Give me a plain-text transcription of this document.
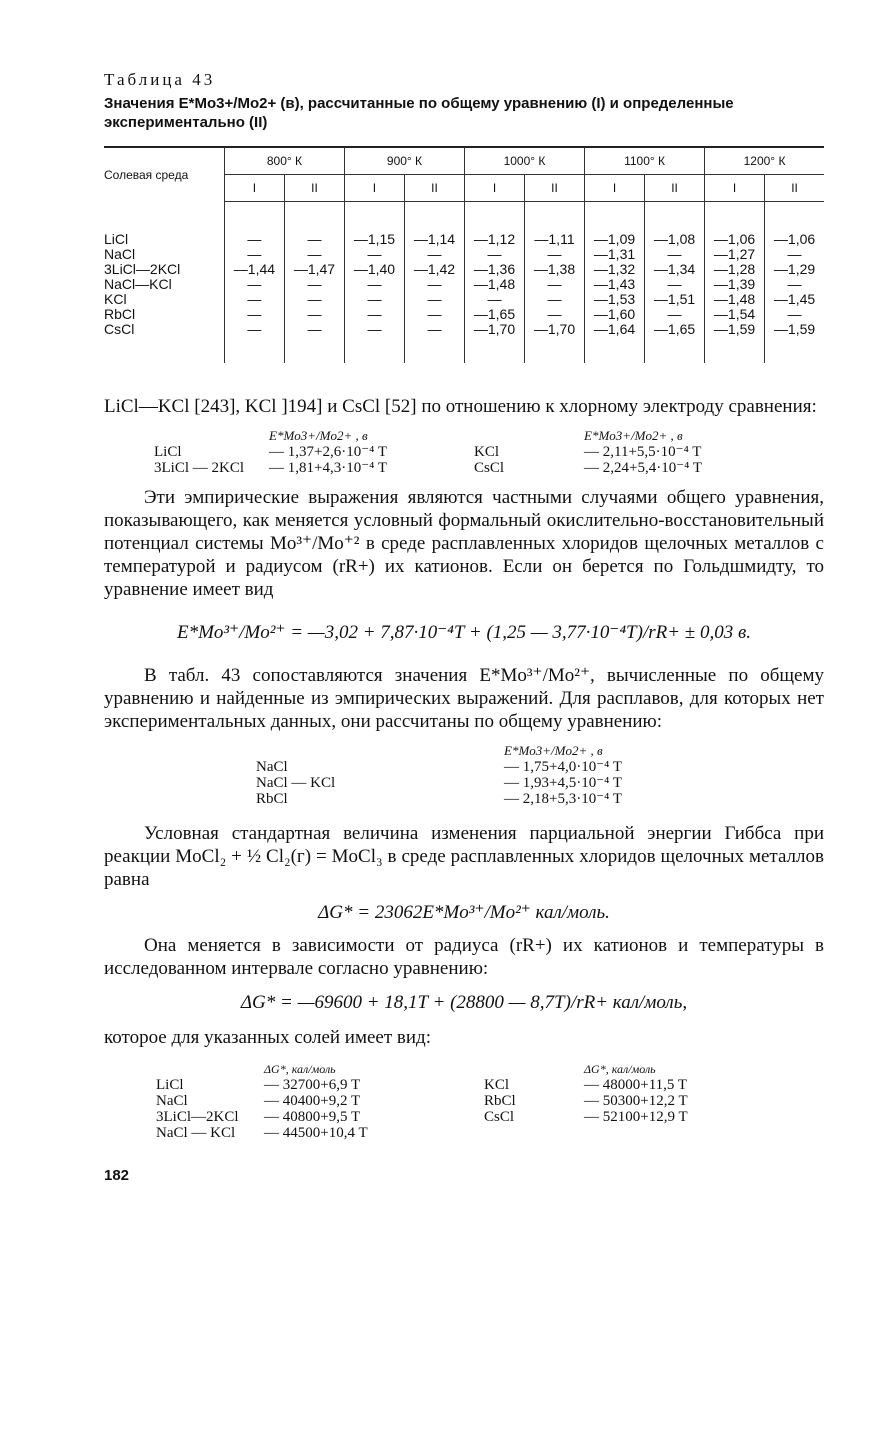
Таблица 43
Значения E*Mo3+/Mo2+ (в), рассчитанные по общему уравнению (I) и определенные экспериментально (II)
Солевая среда	800° К		900° К		1000° К		1100° К		1200° К	
	I	II	I	II	I	II	I	II	I	II

LiCl	—	—	—1,15	—1,14	—1,12	—1,11	—1,09	—1,08	—1,06	—1,06
NaCl	—	—	—	—	—	—	—1,31	—	—1,27	—
3LiCl—2KCl	—1,44	—1,47	—1,40	—1,42	—1,36	—1,38	—1,32	—1,34	—1,28	—1,29
NaCl—KCl	—	—	—	—	—1,48	—	—1,43	—	—1,39	—
KCl	—	—	—	—	—	—	—1,53	—1,51	—1,48	—1,45
RbCl	—	—	—	—	—1,65	—	—1,60	—	—1,54	—
CsCl	—	—	—	—	—1,70	—1,70	—1,64	—1,65	—1,59	—1,59

LiCl—KCl [243], KCl ]194] и CsCl [52] по отношению к хлорному электроду сравнения:

E*Mo3+/Mo2+ , в	E*Mo3+/Mo2+ , в
LiCl	— 1,37+2,6·10⁻⁴ T	KCl	— 2,11+5,5·10⁻⁴ T
3LiCl — 2KCl	— 1,81+4,3·10⁻⁴ T	CsCl	— 2,24+5,4·10⁻⁴ T

Эти эмпирические выражения являются частными случаями общего уравнения, показывающего, как меняется условный формальный окислительно-восстановительный потенциал системы Mo³⁺/Mo⁺² в среде расплавленных хлоридов щелочных металлов с температурой и радиусом (rR+) их катионов. Если он берется по Гольдшмидту, то уравнение имеет вид

E*Mo³⁺/Mo²⁺ = —3,02 + 7,87·10⁻⁴T + (1,25 — 3,77·10⁻⁴T)/rR+ ± 0,03 в.

В табл. 43 сопоставляются значения E*Mo³⁺/Mo²⁺, вычисленные по общему уравнению и найденные из эмпирических выражений. Для расплавов, для которых нет экспериментальных данных, они рассчитаны по общему уравнению:

E*Mo3+/Mo2+ , в
NaCl	— 1,75+4,0·10⁻⁴ T
NaCl — KCl	— 1,93+4,5·10⁻⁴ T
RbCl	— 2,18+5,3·10⁻⁴ T

Условная стандартная величина изменения парциальной энергии Гиббса при реакции MoCl₂ + ½ Cl₂(г) = MoCl₃ в среде расплавленных хлоридов щелочных металлов равна

ΔG* = 23062E*Mo³⁺/Mo²⁺ кал/моль.

Она меняется в зависимости от радиуса (rR+) их катионов и температуры в исследованном интервале согласно уравнению:

ΔG* = —69600 + 18,1T + (28800 — 8,7T)/rR+ кал/моль,

которое для указанных солей имеет вид:

ΔG*, кал/моль	ΔG*, кал/моль
LiCl	— 32700+6,9 T	KCl	— 48000+11,5 T
NaCl	— 40400+9,2 T	RbCl	— 50300+12,2 T
3LiCl—2KCl	— 40800+9,5 T	CsCl	— 52100+12,9 T
NaCl — KCl	— 44500+10,4 T
182
